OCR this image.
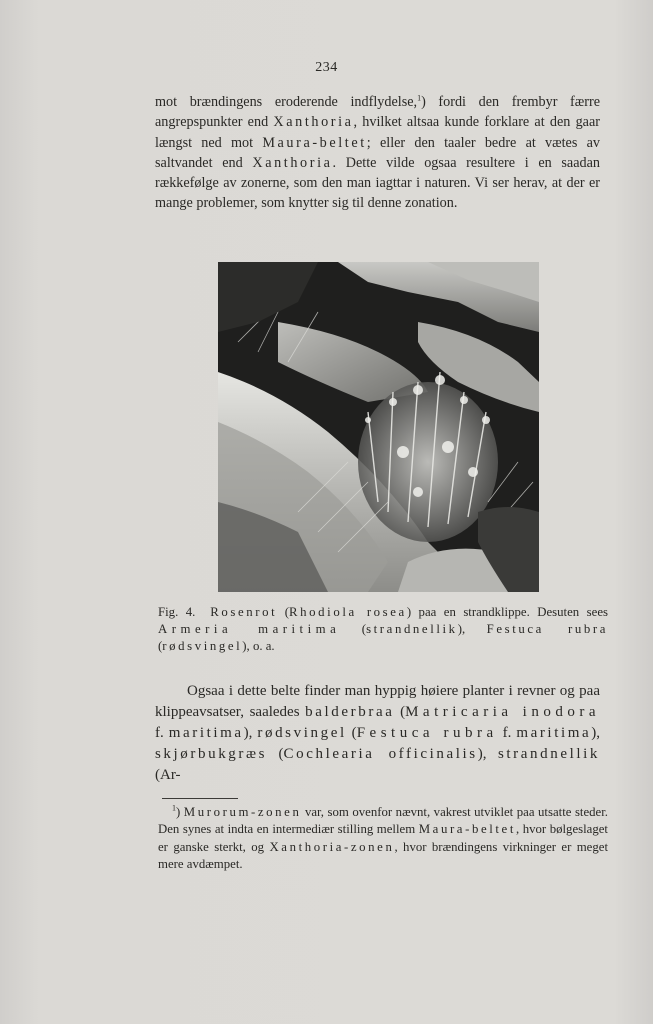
234

mot brændingens eroderende indflydelse,$^1$) fordi den frembyr færre angrepspunkter end Xanthoria, hvilket altsaa kunde forklare at den gaar længst ned mot Maura-beltet; eller den taaler bedre at vætes av saltvandet end Xanthoria. Dette vilde ogsaa resultere i en saadan rækkefølge av zonerne, som den man iagttar i naturen. Vi ser herav, at der er mange problemer, som knytter sig til denne zonation.

Fig. 4. Rosenrot (Rhodiola rosea) paa en strandklippe. Desuten sees Armeria maritima (strandnellik), Festuca rubra (rødsvingel), o. a.

Ogsaa i dette belte finder man hyppig høiere planter i revner og paa klippeavsatser, saaledes balderbraa (Matricaria inodora f. maritima), rødsvingel (Festuca rubra f. maritima), skjørbukgræs (Cochlearia officinalis), strandnellik (Ar-

$^1$) Murorum-zonen var, som ovenfor nævnt, vakrest utviklet paa utsatte steder. Den synes at indta en intermediær stilling mellem Maura-beltet, hvor bølgeslaget er ganske sterkt, og Xanthoria-zonen, hvor brændingens virkninger er meget mere avdæmpet.
